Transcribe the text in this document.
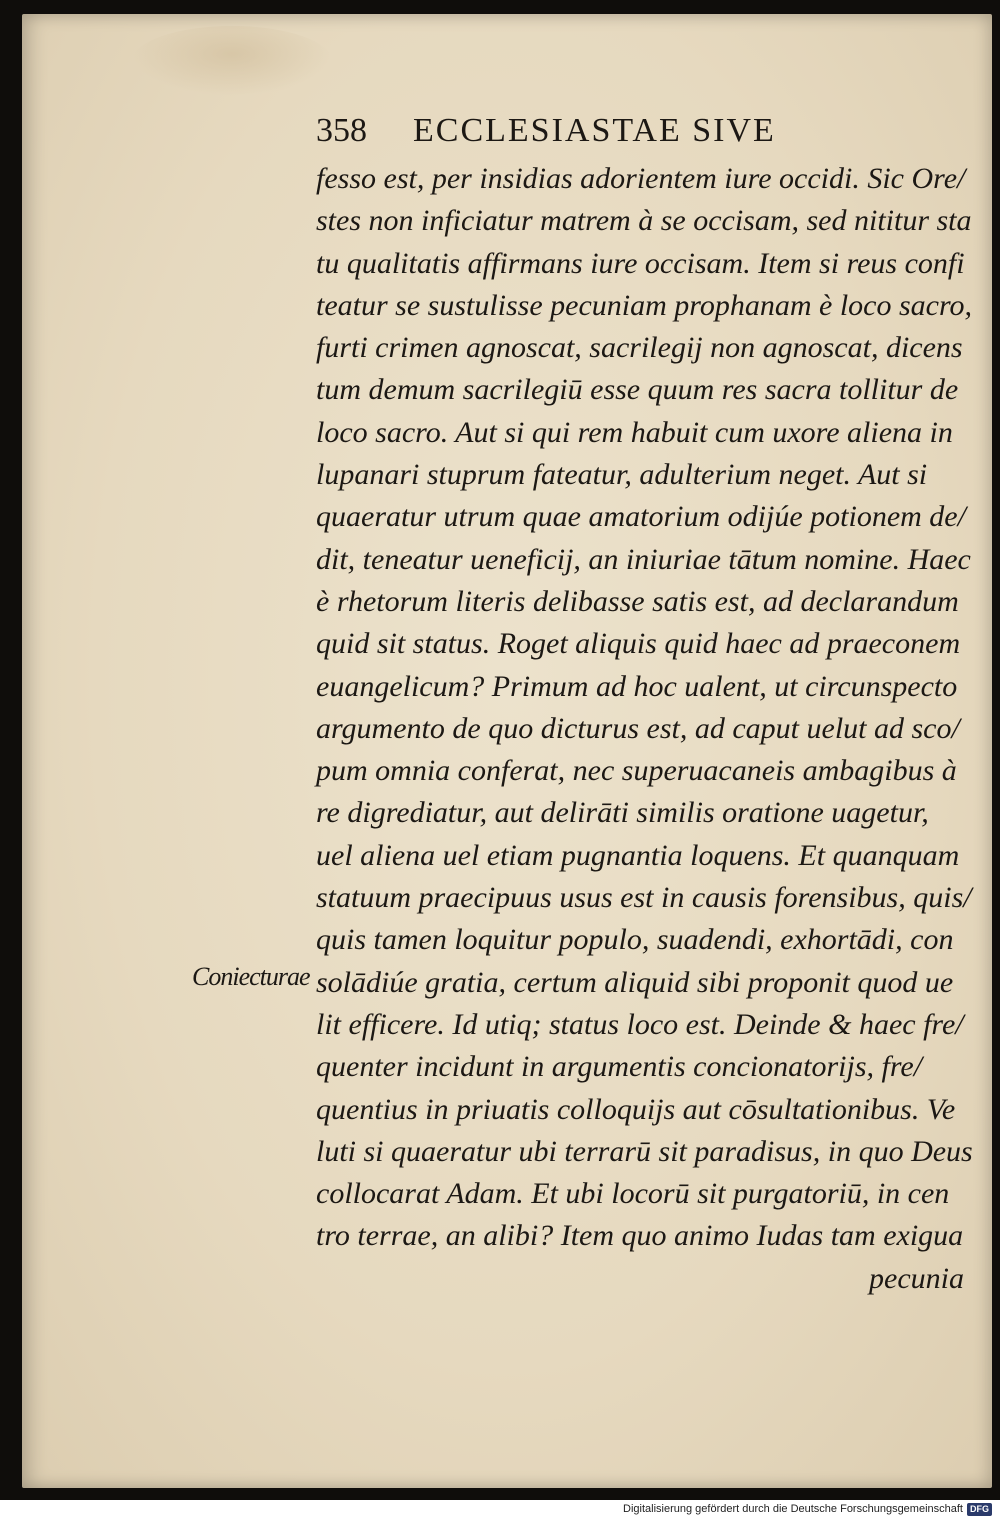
358 ECCLESIASTAE SIVE
Coniecturae
fesso est, per insidias adorientem iure occidi. Sic Ore/
stes non inficiatur matrem à se occisam, sed nititur sta
tu qualitatis affirmans iure occisam. Item si reus confi
teatur se sustulisse pecuniam prophanam è loco sacro,
furti crimen agnoscat, sacrilegij non agnoscat, dicens
tum demum sacrilegiū esse quum res sacra tollitur de
loco sacro. Aut si qui rem habuit cum uxore aliena in
lupanari stuprum fateatur, adulterium neget. Aut si
quaeratur utrum quae amatorium odijúe potionem de/
dit, teneatur ueneficij, an iniuriae tātum nomine. Haec
è rhetorum literis delibasse satis est, ad declarandum
quid sit status. Roget aliquis quid haec ad praeconem
euangelicum? Primum ad hoc ualent, ut circunspecto
argumento de quo dicturus est, ad caput uelut ad sco/
pum omnia conferat, nec superuacaneis ambagibus à
re digrediatur, aut delirāti similis oratione uagetur,
uel aliena uel etiam pugnantia loquens. Et quanquam
statuum praecipuus usus est in causis forensibus, quis/
quis tamen loquitur populo, suadendi, exhortādi, con
solādiúe gratia, certum aliquid sibi proponit quod ue
lit efficere. Id utiq; status loco est. Deinde & haec fre/
quenter incidunt in argumentis concionatorijs, fre/
quentius in priuatis colloquijs aut cōsultationibus. Ve
luti si quaeratur ubi terrarū sit paradisus, in quo Deus
collocarat Adam. Et ubi locorū sit purgatoriū, in cen
tro terrae, an alibi? Item quo animo Iudas tam exigua
pecunia
Digitalisierung gefördert durch die Deutsche Forschungsgemeinschaft DFG
